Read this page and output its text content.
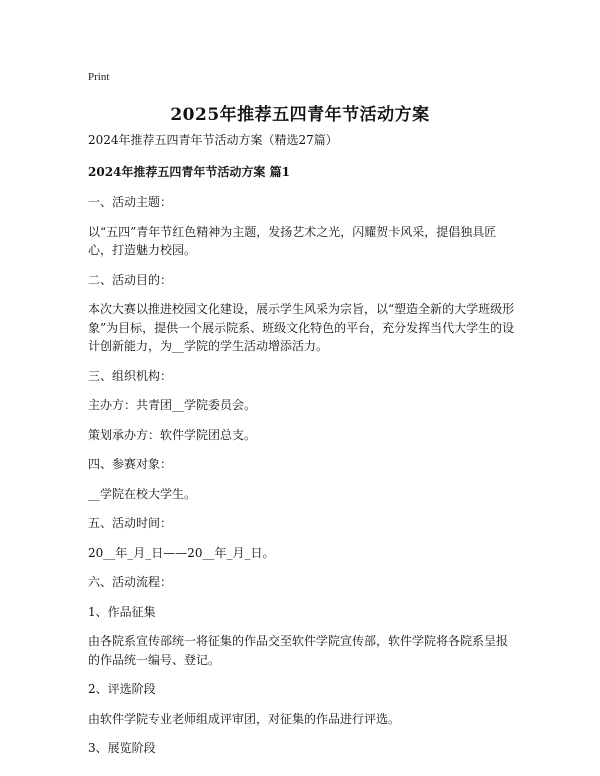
Print
2025年推荐五四青年节活动方案

2024年推荐五四青年节活动方案（精选27篇）

2024年推荐五四青年节活动方案 篇1

一、活动主题：

以“五四”青年节红色精神为主题，发扬艺术之光，闪耀贺卡风采，提倡独具匠心，打造魅力校园。

二、活动目的：

本次大赛以推进校园文化建设，展示学生风采为宗旨，以“塑造全新的大学班级形象”为目标，提供一个展示院系、班级文化特色的平台，充分发挥当代大学生的设计创新能力，为__学院的学生活动增添活力。

三、组织机构：

主办方：共青团__学院委员会。

策划承办方：软件学院团总支。

四、参赛对象：

__学院在校大学生。

五、活动时间：

20__年_月_日——20__年_月_日。

六、活动流程：

1、作品征集

由各院系宣传部统一将征集的作品交至软件学院宣传部，软件学院将各院系呈报的作品统一编号、登记。

2、评选阶段

由软件学院专业老师组成评审团，对征集的作品进行评选。

3、展览阶段
